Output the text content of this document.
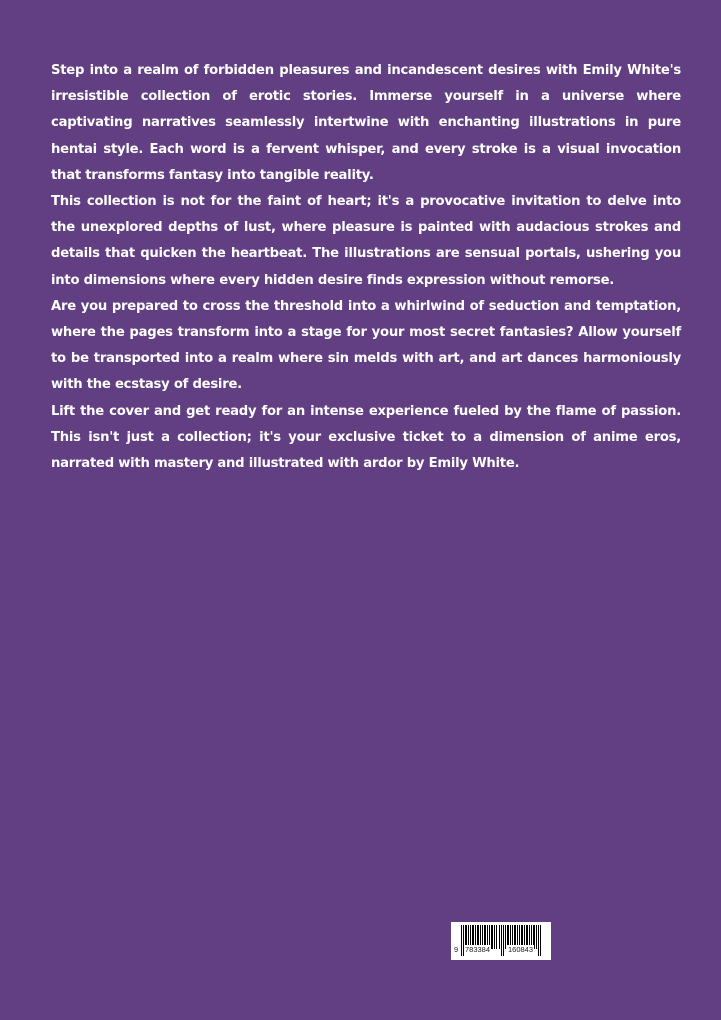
Step into a realm of forbidden pleasures and incandescent desires with Emily White's irresistible collection of erotic stories. Immerse yourself in a universe where captivating narratives seamlessly intertwine with enchanting illustrations in pure hentai style. Each word is a fervent whisper, and every stroke is a visual invocation that transforms fantasy into tangible reality.

This collection is not for the faint of heart; it's a provocative invitation to delve into the unexplored depths of lust, where pleasure is painted with audacious strokes and details that quicken the heartbeat. The illustrations are sensual portals, ushering you into dimensions where every hidden desire finds expression without remorse.

Are you prepared to cross the threshold into a whirlwind of seduction and temptation, where the pages transform into a stage for your most secret fantasies? Allow yourself to be transported into a realm where sin melds with art, and art dances harmoniously with the ecstasy of desire.

Lift the cover and get ready for an intense experience fueled by the flame of passion. This isn't just a collection; it's your exclusive ticket to a dimension of anime eros, narrated with mastery and illustrated with ardor by Emily White.

9 783384 160843
